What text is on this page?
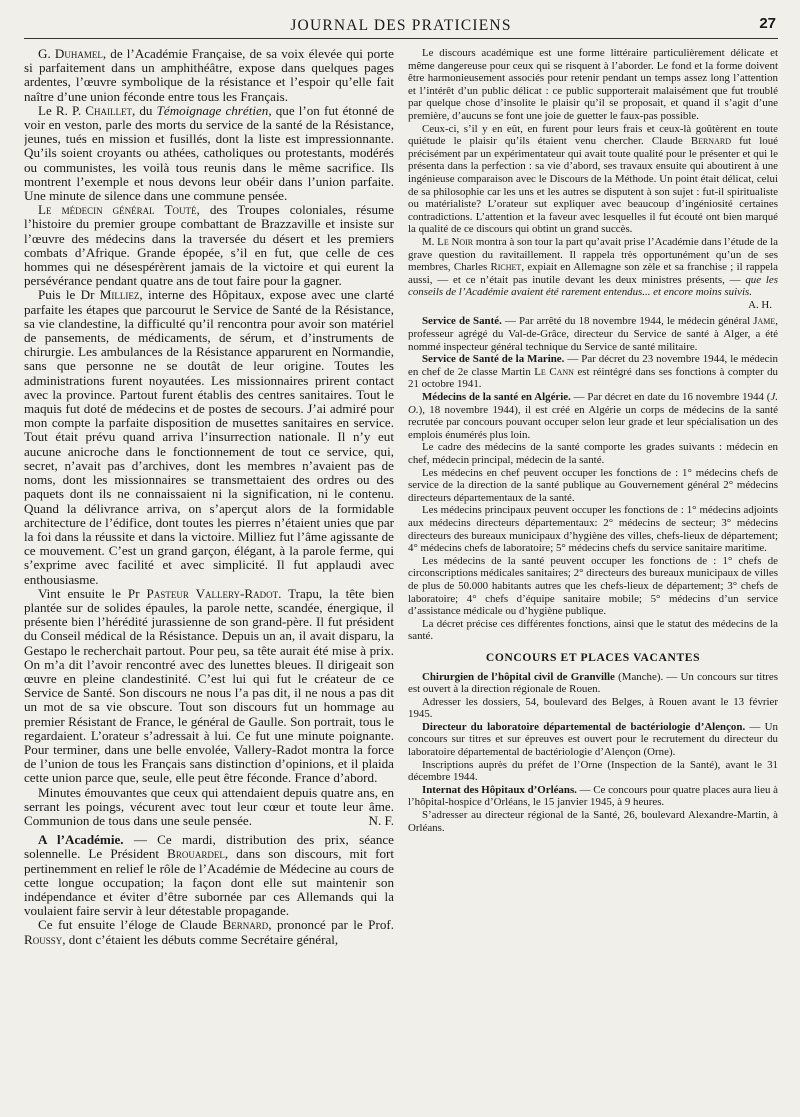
JOURNAL DES PRATICIENS	27

G. Duhamel, de l’Académie Française, de sa voix élevée qui porte si parfaitement dans un amphithéâtre, expose dans quelques pages ardentes, l’œuvre symbolique de la résistance et l’espoir qu’elle fait naître d’une union féconde entre tous les Français.

Le R. P. Chaillet, du Témoignage chrétien, que l’on fut étonné de voir en veston, parle des morts du service de la santé de la Résistance, jeunes, tués en mission et fusillés, dont la liste est impressionnante. Qu’ils soient croyants ou athées, catholiques ou protestants, modérés ou communistes, les voilà tous reunis dans le même sacrifice. Ils montrent l’exemple et nous devons leur obéir dans l’union parfaite. Une minute de silence dans une commune pensée.

Le médecin général Touté, des Troupes coloniales, résume l’histoire du premier groupe combattant de Brazzaville et insiste sur l’œuvre des médecins dans la traversée du désert et les premiers combats d’Afrique. Grande épopée, s’il en fut, que celle de ces hommes qui ne désespérèrent jamais de la victoire et qui eurent la persévérance pendant quatre ans de tout faire pour la gagner.

Puis le Dr Milliez, interne des Hôpitaux, expose avec une clarté parfaite les étapes que parcourut le Service de Santé de la Résistance, sa vie clandestine, la difficulté qu’il rencontra pour avoir son matériel de pansements, de médicaments, de sérum, et d’instruments de chirurgie. Les ambulances de la Résistance apparurent en Normandie, sans que personne ne se doutât de leur origine. Toutes les administrations furent noyautées. Les missionnaires prirent contact avec la province. Partout furent établis des centres sanitaires. Tout le maquis fut doté de médecins et de postes de secours. J’ai admiré pour mon compte la parfaite disposition de musettes sanitaires en service. Tout était prévu quand arriva l’insurrection nationale. Il n’y eut aucune anicroche dans le fonctionnement de tout ce service, qui, secret, n’avait pas d’archives, dont les membres n’avaient pas de noms, dont les missionnaires se transmettaient des ordres ou des paquets dont ils ne connaissaient ni la signification, ni le contenu. Quand la délivrance arriva, on s’aperçut alors de la formidable architecture de l’édifice, dont toutes les pierres n’étaient unies que par la foi dans la réussite et dans la victoire. Milliez fut l’âme agissante de ce mouvement. C’est un grand garçon, élégant, à la parole ferme, qui s’exprime avec facilité et avec simplicité. Il fut applaudi avec enthousiasme.

Vint ensuite le Pr Pasteur Vallery-Radot. Trapu, la tête bien plantée sur de solides épaules, la parole nette, scandée, énergique, il présente bien l’hérédité jurassienne de son grand-père. Il fut président du Conseil médical de la Résistance. Depuis un an, il avait disparu, la Gestapo le recherchait partout. Pour peu, sa tête aurait été mise à prix. On m’a dit l’avoir rencontré avec des lunettes bleues. Il dirigeait son œuvre en pleine clandestinité. C’est lui qui fut le créateur de ce Service de Santé. Son discours ne nous l’a pas dit, il ne nous a pas dit un mot de sa vie obscure. Tout son discours fut un hommage au premier Résistant de France, le général de Gaulle. Son portrait, tous le regardaient. L’orateur s’adressait à lui. Ce fut une minute poignante. Pour terminer, dans une belle envolée, Vallery-Radot montra la force de l’union de tous les Français sans distinction d’opinions, et il plaida cette union parce que, seule, elle peut être féconde. France d’abord.

Minutes émouvantes que ceux qui attendaient depuis quatre ans, en serrant les poings, vécurent avec tout leur cœur et toute leur âme. Communion de tous dans une seule pensée.	N. F.

A l’Académie. — Ce mardi, distribution des prix, séance solennelle. Le Président Brouardel, dans son discours, mit fort pertinemment en relief le rôle de l’Académie de Médecine au cours de cette longue occupation; la façon dont elle sut maintenir son indépendance et éviter d’être subornée par ces Allemands qui la voulaient faire servir à leur détestable propagande.

Ce fut ensuite l’éloge de Claude Bernard, prononcé par le Prof. Roussy, dont c’étaient les débuts comme Secrétaire général,

Le discours académique est une forme littéraire particulièrement délicate et même dangereuse pour ceux qui se risquent à l’aborder. Le fond et la forme doivent être harmonieusement associés pour retenir pendant un temps assez long l’attention et l’intérêt d’un public délicat : ce public supporterait malaisément que fut troublé par quelque chose d’insolite le plaisir qu’il se proposait, et quand il s’agit d’une première, d’aucuns se font une joie de guetter le faux-pas possible.

Ceux-ci, s’il y en eût, en furent pour leurs frais et ceux-là goûtèrent en toute quiétude le plaisir qu’ils étaient venu chercher. Claude Bernard fut loué précisément par un expérimentateur qui avait toute qualité pour le présenter et qui le présenta dans la perfection : sa vie d’abord, ses travaux ensuite qui aboutirent à une ingénieuse comparaison avec le Discours de la Méthode. Un point était délicat, celui de sa philosophie car les uns et les autres se disputent à son sujet : fut-il spiritualiste ou matérialiste? L’orateur sut expliquer avec beaucoup d’ingéniosité certaines contradictions. L’attention et la faveur avec lesquelles il fut écouté ont bien marqué la qualité de ce discours qui obtint un grand succès.

M. Le Noir montra à son tour la part qu’avait prise l’Académie dans l’étude de la grave question du ravitaillement. Il rappela très opportunément qu’un de ses membres, Charles Richet, expiait en Allemagne son zèle et sa franchise ; il rappela aussi, — et ce n’était pas inutile devant les deux ministres présents, — que les conseils de l’Académie avaient été rarement entendus... et encore moins suivis.

A. H.

Service de Santé. — Par arrêté du 18 novembre 1944, le médecin général Jame, professeur agrégé du Val-de-Grâce, directeur du Service de santé à Alger, a été nommé inspecteur général technique du Service de santé militaire.

Service de Santé de la Marine. — Par décret du 23 novembre 1944, le médecin en chef de 2e classe Martin Le Cann est réintégré dans ses fonctions à compter du 21 octobre 1941.

Médecins de la santé en Algérie. — Par décret en date du 16 novembre 1944 (J. O.), 18 novembre 1944), il est créé en Algérie un corps de médecins de la santé recrutée par concours pouvant occuper selon leur grade et leur spécialisation un des emplois énumérés plus loin.

Le cadre des médecins de la santé comporte les grades suivants : médecin en chef, médecin principal, médecin de la santé.

Les médecins en chef peuvent occuper les fonctions de : 1° médecins chefs de service de la direction de la santé publique au Gouvernement général 2° médecins directeurs départementaux de la santé.

Les médecins principaux peuvent occuper les fonctions de : 1° médecins adjoints aux médecins directeurs départementaux: 2° médecins de secteur; 3° médecins directeurs des bureaux municipaux d’hygiène des villes, chefs-lieux de département; 4° médecins chefs de laboratoire; 5° médecins chefs du service sanitaire maritime.

Les médecins de la santé peuvent occuper les fonctions de : 1° chefs de circonscriptions médicales sanitaires; 2° directeurs des bureaux municipaux de villes de plus de 50.000 habitants autres que les chefs-lieux de département; 3° chefs de laboratoire; 4° chefs d’équipe sanitaire mobile; 5° médecins d’un service d’assistance médicale ou d’hygiène publique.

La décret précise ces différentes fonctions, ainsi que le statut des médecins de la santé.

CONCOURS ET PLACES VACANTES

Chirurgien de l’hôpital civil de Granville (Manche). — Un concours sur titres est ouvert à la direction régionale de Rouen.

Adresser les dossiers, 54, boulevard des Belges, à Rouen avant le 13 février 1945.

Directeur du laboratoire départemental de bactériologie d’Alençon. — Un concours sur titres et sur épreuves est ouvert pour le recrutement du directeur du laboratoire départemental de bactériologie d’Alençon (Orne).

Inscriptions auprès du préfet de l’Orne (Inspection de la Santé), avant le 31 décembre 1944.

Internat des Hôpitaux d’Orléans. — Ce concours pour quatre places aura lieu à l’hôpital-hospice d’Orléans, le 15 janvier 1945, à 9 heures.

S’adresser au directeur régional de la Santé, 26, boulevard Alexandre-Martin, à Orléans.
